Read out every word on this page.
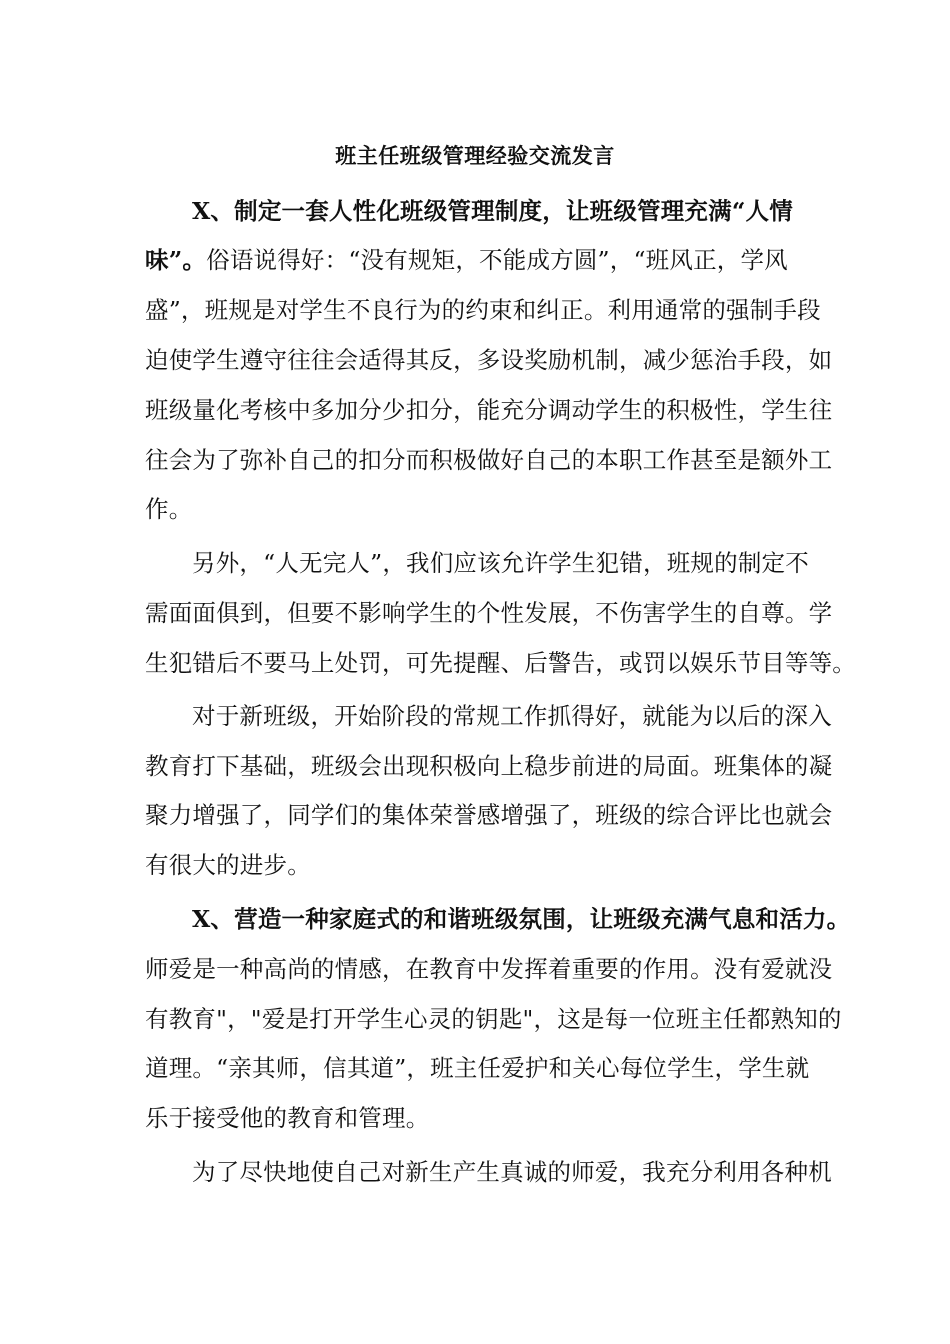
班主任班级管理经验交流发言
X、制定一套人性化班级管理制度，让班级管理充满“人情
味”。俗语说得好：“没有规矩，不能成方圆”，“班风正，学风
盛”，班规是对学生不良行为的约束和纠正。利用通常的强制手段
迫使学生遵守往往会适得其反，多设奖励机制，减少惩治手段，如
班级量化考核中多加分少扣分，能充分调动学生的积极性，学生往
往会为了弥补自己的扣分而积极做好自己的本职工作甚至是额外工
作。
另外，“人无完人”，我们应该允许学生犯错，班规的制定不
需面面俱到，但要不影响学生的个性发展，不伤害学生的自尊。学
生犯错后不要马上处罚，可先提醒、后警告，或罚以娱乐节目等等。
对于新班级，开始阶段的常规工作抓得好，就能为以后的深入
教育打下基础，班级会出现积极向上稳步前进的局面。班集体的凝
聚力增强了，同学们的集体荣誉感增强了，班级的综合评比也就会
有很大的进步。
X、营造一种家庭式的和谐班级氛围，让班级充满气息和活力。
师爱是一种高尚的情感，在教育中发挥着重要的作用。没有爱就没
有教育"，"爱是打开学生心灵的钥匙"，这是每一位班主任都熟知的
道理。“亲其师，信其道”，班主任爱护和关心每位学生，学生就
乐于接受他的教育和管理。
为了尽快地使自己对新生产生真诚的师爱，我充分利用各种机
